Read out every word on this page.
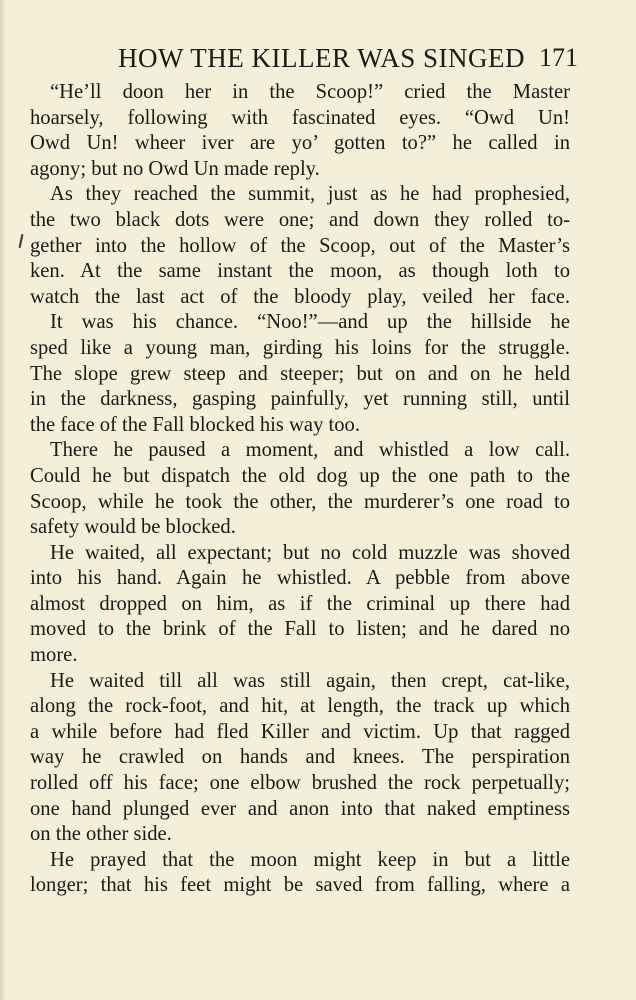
HOW THE KILLER WAS SINGED 171
“He’ll doon her in the Scoop!” cried the Master
hoarsely, following with fascinated eyes. “Owd Un!
Owd Un! wheer iver are yo’ gotten to?” he called in
agony; but no Owd Un made reply.
As they reached the summit, just as he had prophesied,
the two black dots were one; and down they rolled to-
gether into the hollow of the Scoop, out of the Master’s
ken. At the same instant the moon, as though loth to
watch the last act of the bloody play, veiled her face.
It was his chance. “Noo!”—and up the hillside he
sped like a young man, girding his loins for the struggle.
The slope grew steep and steeper; but on and on he held
in the darkness, gasping painfully, yet running still, until
the face of the Fall blocked his way too.
There he paused a moment, and whistled a low call.
Could he but dispatch the old dog up the one path to the
Scoop, while he took the other, the murderer’s one road to
safety would be blocked.
He waited, all expectant; but no cold muzzle was shoved
into his hand. Again he whistled. A pebble from above
almost dropped on him, as if the criminal up there had
moved to the brink of the Fall to listen; and he dared no
more.
He waited till all was still again, then crept, cat-like,
along the rock-foot, and hit, at length, the track up which
a while before had fled Killer and victim. Up that ragged
way he crawled on hands and knees. The perspiration
rolled off his face; one elbow brushed the rock perpetually;
one hand plunged ever and anon into that naked emptiness
on the other side.
He prayed that the moon might keep in but a little
longer; that his feet might be saved from falling, where a
